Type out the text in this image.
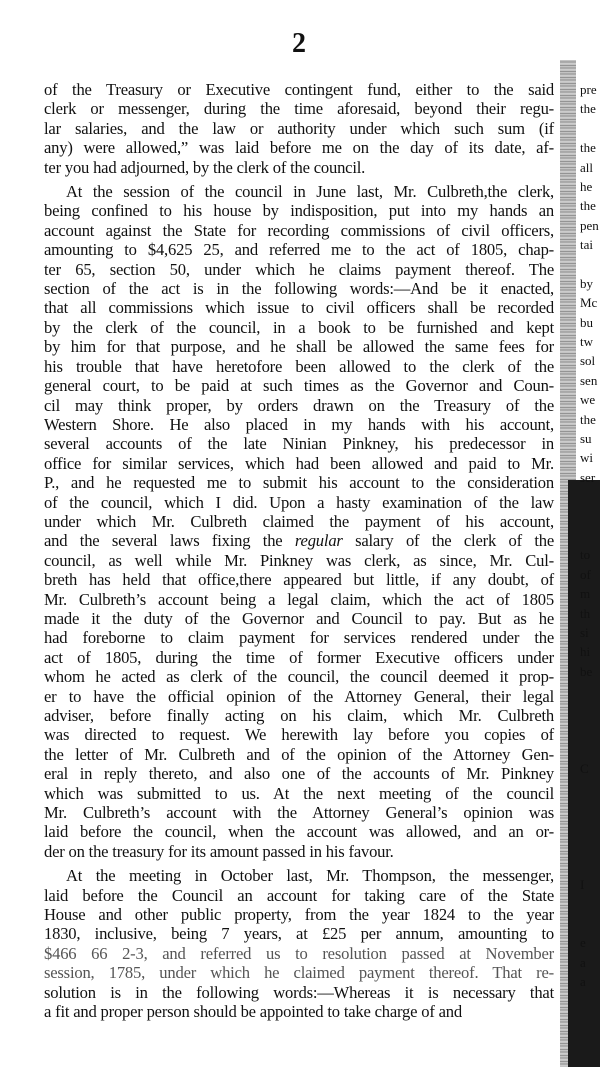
2
of the Treasury or Executive contingent fund, either to the said
clerk or messenger, during the time aforesaid, beyond their regu-
lar salaries, and the law or authority under which such sum (if
any) were allowed,” was laid before me on the day of its date, af-
ter you had adjourned, by the clerk of the council.
At the session of the council in June last, Mr. Culbreth,the clerk,
being confined to his house by indisposition, put into my hands an
account against the State for recording commissions of civil officers,
amounting to $4,625 25, and referred me to the act of 1805, chap-
ter 65, section 50, under which he claims payment thereof. The
section of the act is in the following words:—And be it enacted,
that all commissions which issue to civil officers shall be recorded
by the clerk of the council, in a book to be furnished and kept
by him for that purpose, and he shall be allowed the same fees for
his trouble that have heretofore been allowed to the clerk of the
general court, to be paid at such times as the Governor and Coun-
cil may think proper, by orders drawn on the Treasury of the
Western Shore. He also placed in my hands with his account,
several accounts of the late Ninian Pinkney, his predecessor in
office for similar services, which had been allowed and paid to Mr.
P., and he requested me to submit his account to the consideration
of the council, which I did. Upon a hasty examination of the law
under which Mr. Culbreth claimed the payment of his account,
and the several laws fixing the regular salary of the clerk of the
council, as well while Mr. Pinkney was clerk, as since, Mr. Cul-
breth has held that office,there appeared but little, if any doubt, of
Mr. Culbreth’s account being a legal claim, which the act of 1805
made it the duty of the Governor and Council to pay. But as he
had foreborne to claim payment for services rendered under the
act of 1805, during the time of former Executive officers under
whom he acted as clerk of the council, the council deemed it prop-
er to have the official opinion of the Attorney General, their legal
adviser, before finally acting on his claim, which Mr. Culbreth
was directed to request. We herewith lay before you copies of
the letter of Mr. Culbreth and of the opinion of the Attorney Gen-
eral in reply thereto, and also one of the accounts of Mr. Pinkney
which was submitted to us. At the next meeting of the council
Mr. Culbreth’s account with the Attorney General’s opinion was
laid before the council, when the account was allowed, and an or-
der on the treasury for its amount passed in his favour.
At the meeting in October last, Mr. Thompson, the messenger,
laid before the Council an account for taking care of the State
House and other public property, from the year 1824 to the year
1830, inclusive, being 7 years, at £25 per annum, amounting to
$466 66 2-3, and referred us to resolution passed at November
session, 1785, under which he claimed payment thereof. That re-
solution is in the following words:—Whereas it is necessary that
a fit and proper person should be appointed to take charge of and
pre
the
the
all
he
the
pen
tai
by
Mc
bu
tw
sol
sen
we
the
su
wi
ser
to
of
m
th
si
hi
be
C
I
e
a
a
